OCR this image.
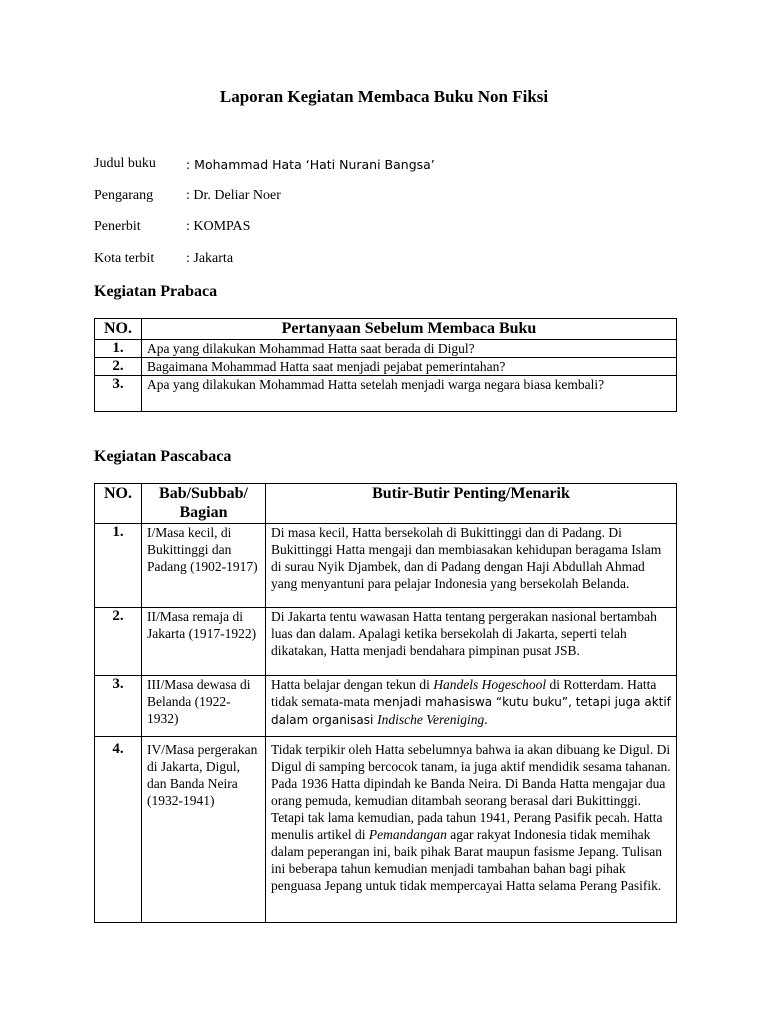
Laporan Kegiatan Membaca Buku Non Fiksi
Judul buku : Mohammad Hata ‘Hati Nurani Bangsa’
Pengarang : Dr. Deliar Noer
Penerbit	: KOMPAS
Kota terbit : Jakarta
Kegiatan Prabaca
NO.	Pertanyaan Sebelum Membaca Buku
1.	Apa yang dilakukan Mohammad Hatta saat berada di Digul?
2.	Bagaimana Mohammad Hatta saat menjadi pejabat pemerintahan?
3.	Apa yang dilakukan Mohammad Hatta setelah menjadi warga negara biasa kembali?
Kegiatan Pascabaca
NO.	Bab/Subbab/ Bagian	Butir-Butir Penting/Menarik
1.	I/Masa kecil, di Bukittinggi dan Padang (1902-1917)	Di masa kecil, Hatta bersekolah di Bukittinggi dan di Padang. Di Bukittinggi Hatta mengaji dan membiasakan kehidupan beragama Islam di surau Nyik Djambek, dan di Padang dengan Haji Abdullah Ahmad yang menyantuni para pelajar Indonesia yang bersekolah Belanda.
2.	II/Masa remaja di Jakarta (1917-1922)	Di Jakarta tentu wawasan Hatta tentang pergerakan nasional bertambah luas dan dalam. Apalagi ketika bersekolah di Jakarta, seperti telah dikatakan, Hatta menjadi bendahara pimpinan pusat JSB.
3.	III/Masa dewasa di Belanda (1922-1932)	Hatta belajar dengan tekun di Handels Hogeschool di Rotterdam. Hatta tidak semata-mata menjadi mahasiswa “kutu buku”, tetapi juga aktif dalam organisasi Indische Vereniging.
4.	IV/Masa pergerakan di Jakarta, Digul, dan Banda Neira (1932-1941)	Tidak terpikir oleh Hatta sebelumnya bahwa ia akan dibuang ke Digul. Di Digul di samping bercocok tanam, ia juga aktif mendidik sesama tahanan. Pada 1936 Hatta dipindah ke Banda Neira. Di Banda Hatta mengajar dua orang pemuda, kemudian ditambah seorang berasal dari Bukittinggi. Tetapi tak lama kemudian, pada tahun 1941, Perang Pasifik pecah. Hatta menulis artikel di Pemandangan agar rakyat Indonesia tidak memihak dalam peperangan ini, baik pihak Barat maupun fasisme Jepang. Tulisan ini beberapa tahun kemudian menjadi tambahan bahan bagi pihak penguasa Jepang untuk tidak mempercayai Hatta selama Perang Pasifik.
